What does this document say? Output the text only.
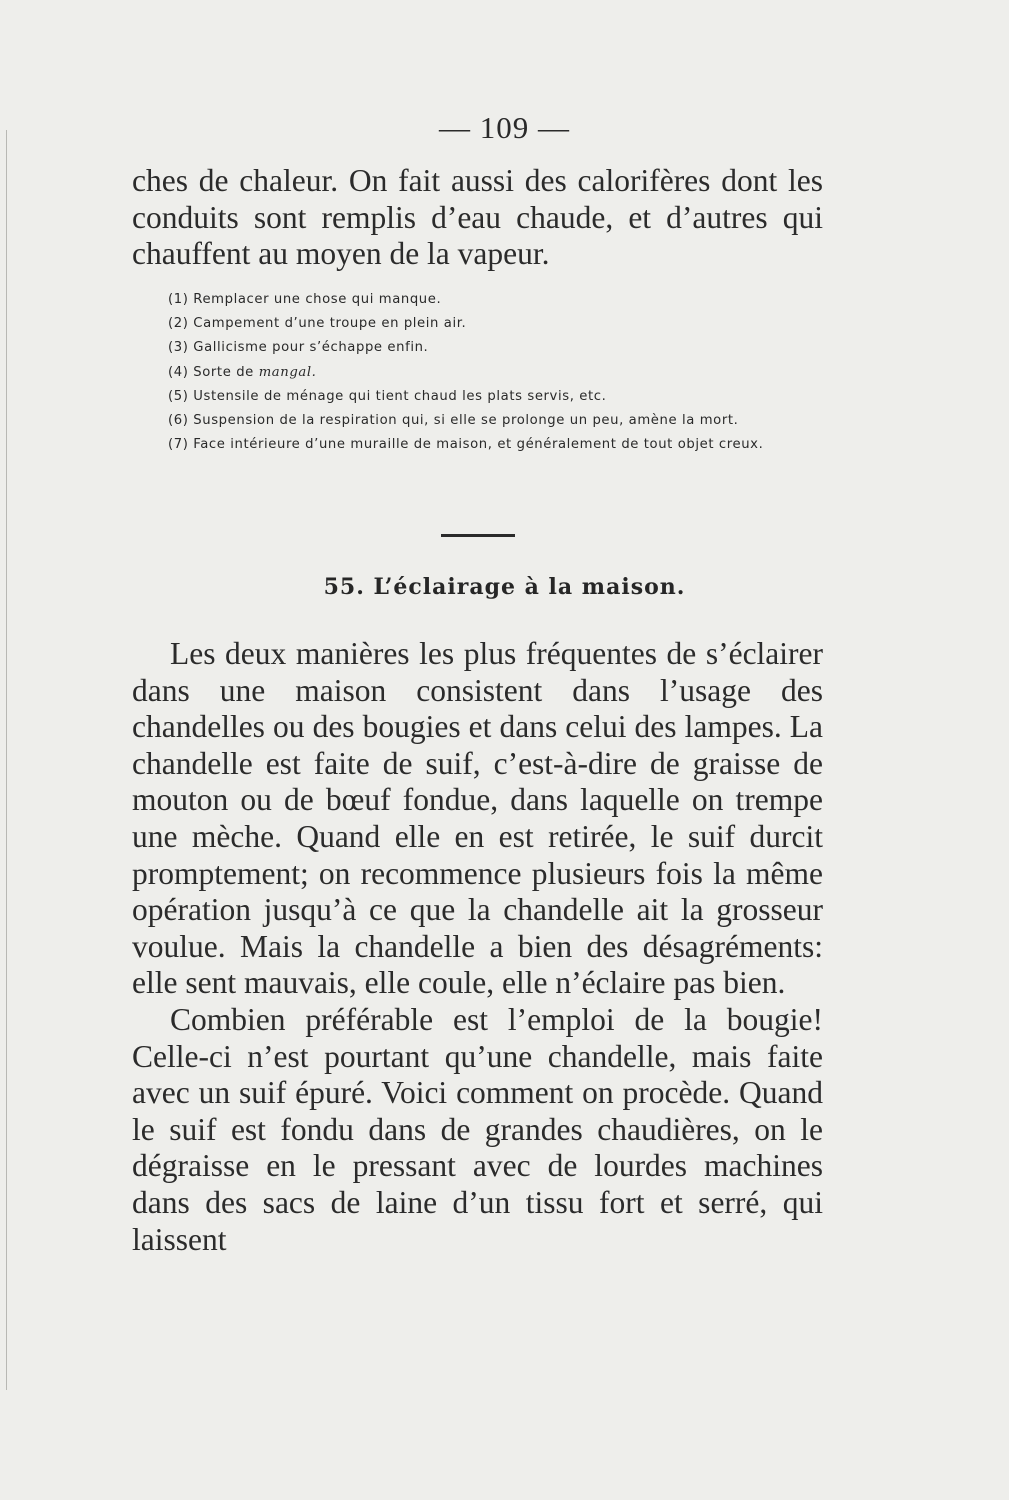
— 109 —

ches de chaleur. On fait aussi des calorifères dont les conduits sont remplis d’eau chaude, et d’autres qui chauffent au moyen de la vapeur.

(1) Remplacer une chose qui manque.

(2) Campement d’une troupe en plein air.

(3) Gallicisme pour s’échappe enfin.

(4) Sorte de mangal.

(5) Ustensile de ménage qui tient chaud les plats servis, etc.

(6) Suspension de la respiration qui, si elle se prolonge un peu, amène la mort.

(7) Face intérieure d’une muraille de maison, et généralement de tout objet creux.

55. L’éclairage à la maison.

Les deux manières les plus fréquentes de s’éclairer dans une maison consistent dans l’usage des chandelles ou des bougies et dans celui des lampes. La chandelle est faite de suif, c’est-à-dire de graisse de mouton ou de bœuf fondue, dans laquelle on trempe une mèche. Quand elle en est retirée, le suif durcit promptement; on recommence plusieurs fois la même opération jusqu’à ce que la chandelle ait la grosseur voulue. Mais la chandelle a bien des désagréments: elle sent mauvais, elle coule, elle n’éclaire pas bien.

Combien préférable est l’emploi de la bougie! Celle-ci n’est pourtant qu’une chandelle, mais faite avec un suif épuré. Voici comment on procède. Quand le suif est fondu dans de grandes chaudières, on le dégraisse en le pressant avec de lourdes machines dans des sacs de laine d’un tissu fort et serré, qui laissent
